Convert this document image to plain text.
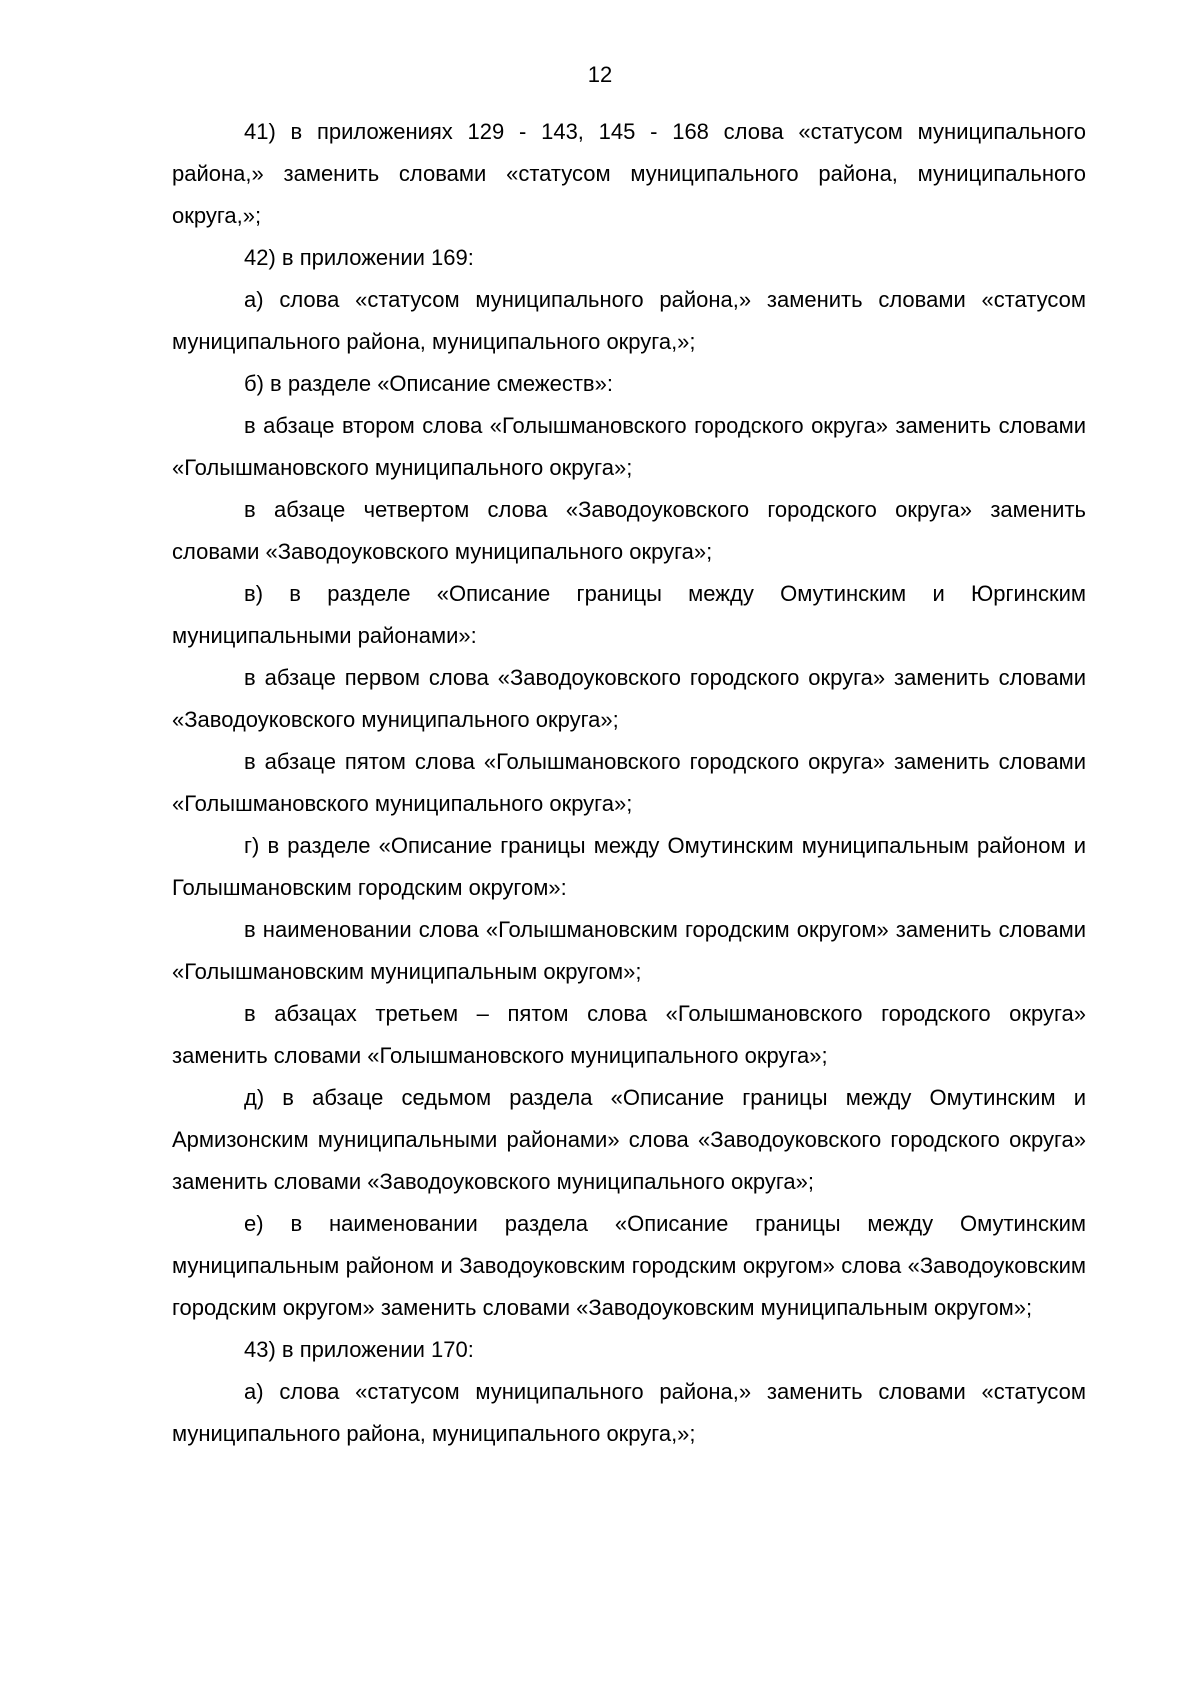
12

41) в приложениях 129 - 143, 145 - 168 слова «статусом муниципального района,» заменить словами «статусом муниципального района, муниципального округа,»;

42) в приложении 169:

а) слова «статусом муниципального района,» заменить словами «статусом муниципального района, муниципального округа,»;

б) в разделе «Описание смежеств»:

в абзаце втором слова «Голышмановского городского округа» заменить словами «Голышмановского муниципального округа»;

в абзаце четвертом слова «Заводоуковского городского округа» заменить словами «Заводоуковского муниципального округа»;

в) в разделе «Описание границы между Омутинским и Юргинским муниципальными районами»:

в абзаце первом слова «Заводоуковского городского округа» заменить словами «Заводоуковского муниципального округа»;

в абзаце пятом слова «Голышмановского городского округа» заменить словами «Голышмановского муниципального округа»;

г) в разделе «Описание границы между Омутинским муниципальным районом и Голышмановским городским округом»:

в наименовании слова «Голышмановским городским округом» заменить словами «Голышмановским муниципальным округом»;

в абзацах третьем – пятом слова «Голышмановского городского округа» заменить словами «Голышмановского муниципального округа»;

д) в абзаце седьмом раздела «Описание границы между Омутинским и Армизонским муниципальными районами» слова «Заводоуковского городского округа» заменить словами «Заводоуковского муниципального округа»;

е) в наименовании раздела «Описание границы между Омутинским муниципальным районом и Заводоуковским городским округом» слова «Заводоуковским городским округом» заменить словами «Заводоуковским муниципальным округом»;

43) в приложении 170:

а) слова «статусом муниципального района,» заменить словами «статусом муниципального района, муниципального округа,»;
